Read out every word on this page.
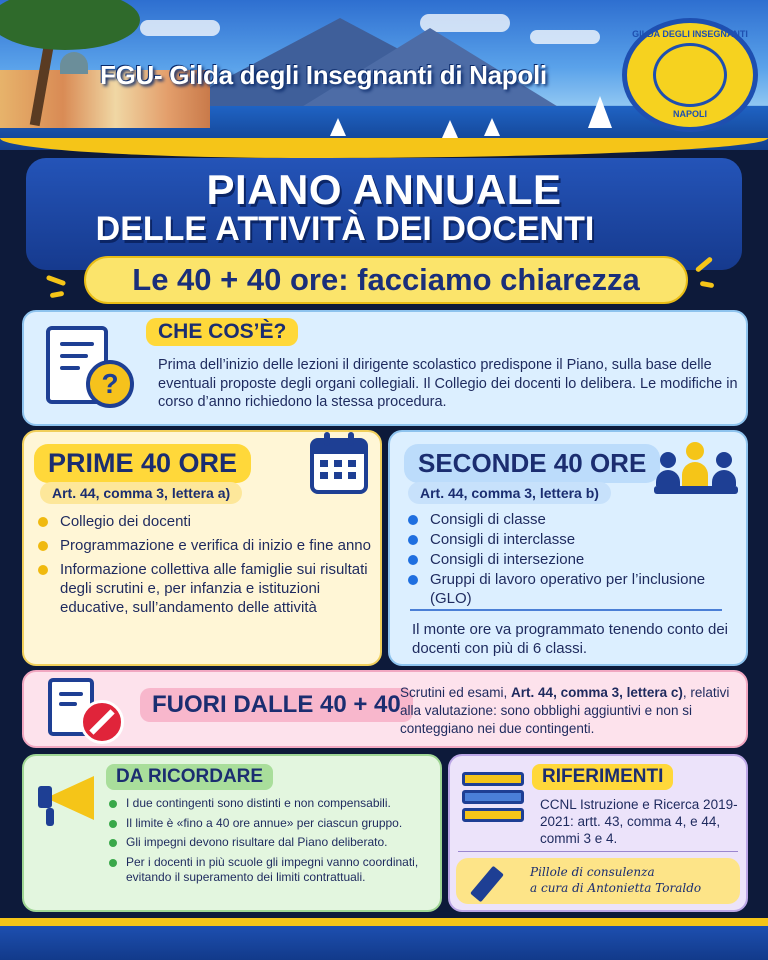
FGU- Gilda degli Insegnanti di Napoli
GILDA DEGLI INSEGNANTI
NAPOLI
PIANO ANNUALE
DELLE ATTIVITÀ DEI DOCENTI
Le 40 + 40 ore: facciamo chiarezza
?
CHE COS’È?
Prima dell’inizio delle lezioni il dirigente scolastico predispone il Piano, sulla base delle eventuali proposte degli organi collegiali. Il Collegio dei docenti lo delibera. Le modifiche in corso d’anno richiedono la stessa procedura.
PRIME 40 ORE
Art. 44, comma 3, lettera a)
Collegio dei docenti
Programmazione e verifica di inizio e fine anno
Informazione collettiva alle famiglie sui risultati degli scrutini e, per infanzia e istituzioni educative, sull’andamento delle attività
SECONDE 40 ORE
Art. 44, comma 3, lettera b)
Consigli di classe
Consigli di interclasse
Consigli di intersezione
Gruppi di lavoro operativo per l’inclusione (GLO)
Il monte ore va programmato tenendo conto dei docenti con più di 6 classi.
FUORI DALLE 40 + 40 Scrutini ed esami, Art. 44, comma 3, lettera c), relativi alla valutazione: sono obblighi aggiuntivi e non si conteggiano nei due contingenti.
DA RICORDARE
I due contingenti sono distinti e non compensabili.
Il limite è «fino a 40 ore annue» per ciascun gruppo.
Gli impegni devono risultare dal Piano deliberato.
Per i docenti in più scuole gli impegni vanno coordinati, evitando il superamento dei limiti contrattuali.
RIFERIMENTI
CCNL Istruzione e Ricerca 2019-2021: artt. 43, comma 4, e 44, commi 3 e 4.
Pillole di consulenza
a cura di Antonietta Toraldo
